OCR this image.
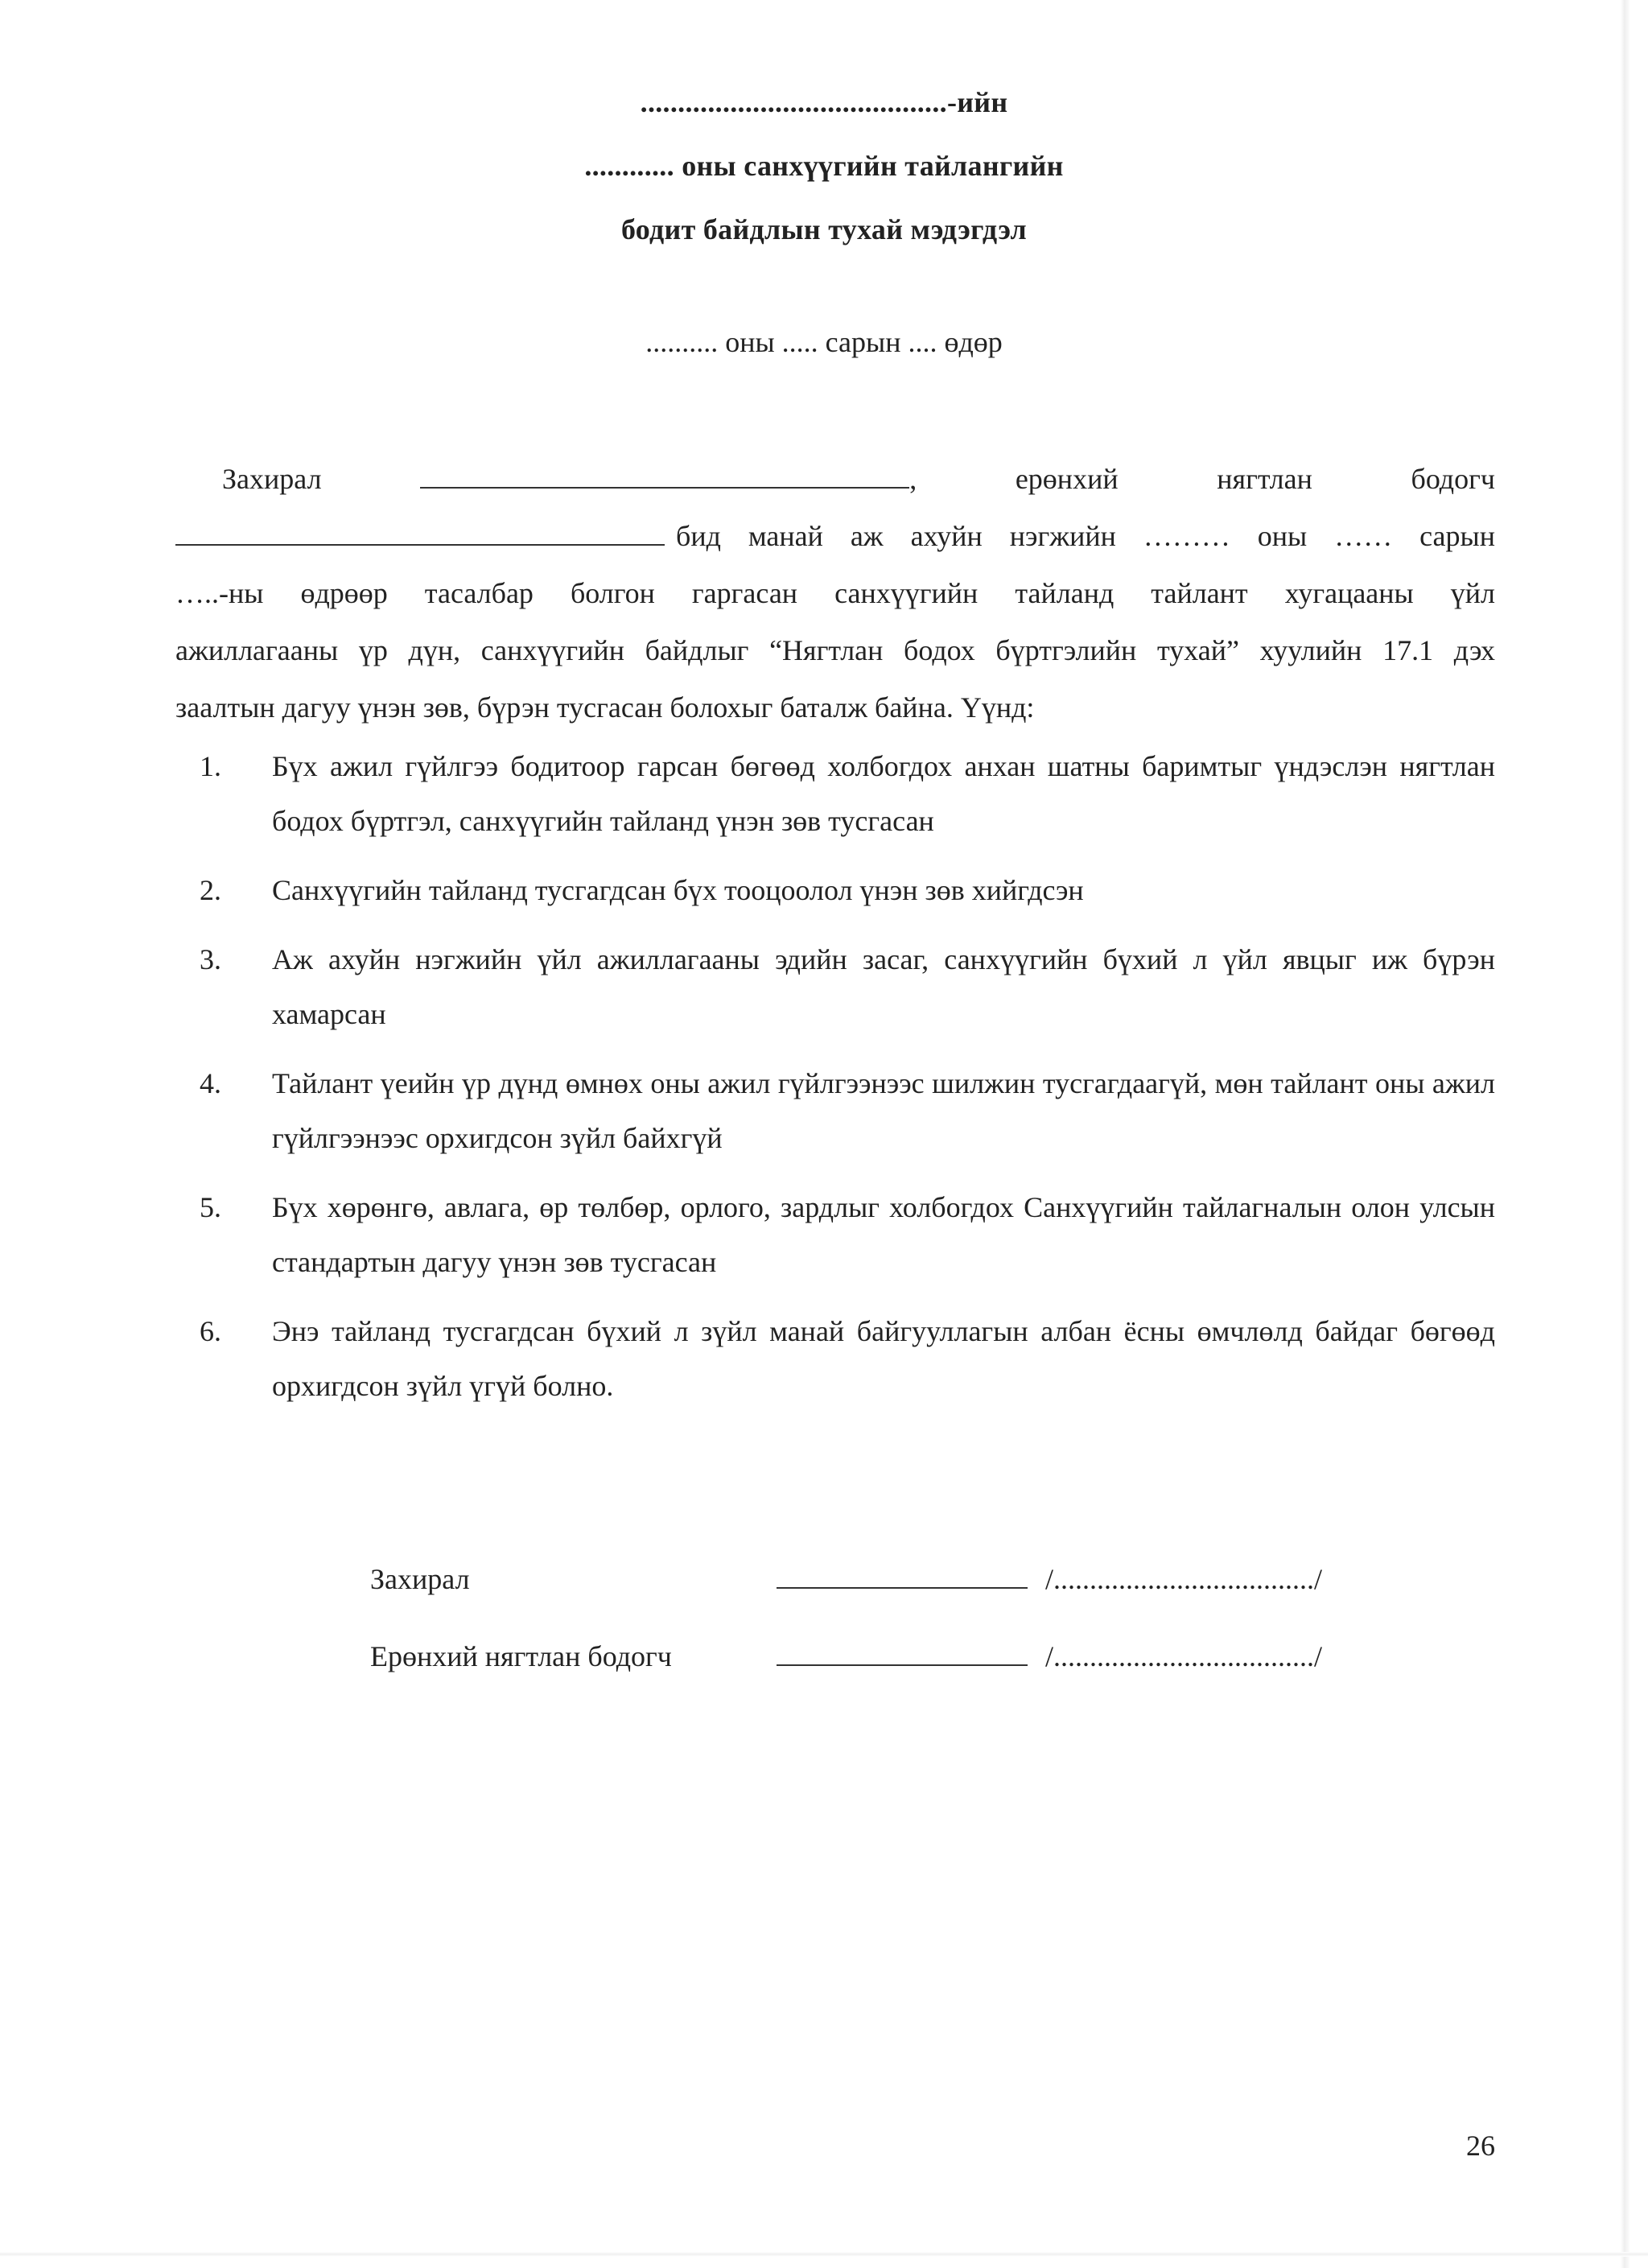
.........................................-ийн
............ оны санхүүгийн тайлангийн
бодит байдлын тухай мэдэгдэл
.......... оны ..... сарын .... өдөр
Захирал	,	ерөнхий	нягтлан	бодогч

бид манай аж ахуйн нэгжийн ……… оны …… сарын

…..-ны өдрөөр тасалбар болгон гаргасан санхүүгийн тайланд тайлант хугацааны үйл

ажиллагааны үр дүн, санхүүгийн байдлыг “Нягтлан бодох бүртгэлийн тухай” хуулийн 17.1 дэх

заалтын дагуу үнэн зөв, бүрэн тусгасан болохыг баталж байна. Үүнд:

1.	Бүх ажил гүйлгээ бодитоор гарсан бөгөөд холбогдох анхан шатны баримтыг үндэслэн нягтлан бодох бүртгэл, санхүүгийн тайланд үнэн зөв тусгасан
2.	Санхүүгийн тайланд тусгагдсан бүх тооцоолол үнэн зөв хийгдсэн
3.	Аж ахуйн нэгжийн үйл ажиллагааны эдийн засаг, санхүүгийн бүхий л үйл явцыг иж бүрэн хамарсан
4.	Тайлант үеийн үр дүнд өмнөх оны ажил гүйлгээнээс шилжин тусгагдаагүй, мөн тайлант оны ажил гүйлгээнээс орхигдсон зүйл байхгүй
5.	Бүх хөрөнгө, авлага, өр төлбөр, орлого, зардлыг холбогдох Санхүүгийн тайлагналын олон улсын стандартын дагуу үнэн зөв тусгасан
6.	Энэ тайланд тусгагдсан бүхий л зүйл манай байгууллагын албан ёсны өмчлөлд байдаг бөгөөд орхигдсон зүйл үгүй болно.
Захирал	/..................................../
Ерөнхий нягтлан бодогч	/..................................../
26
